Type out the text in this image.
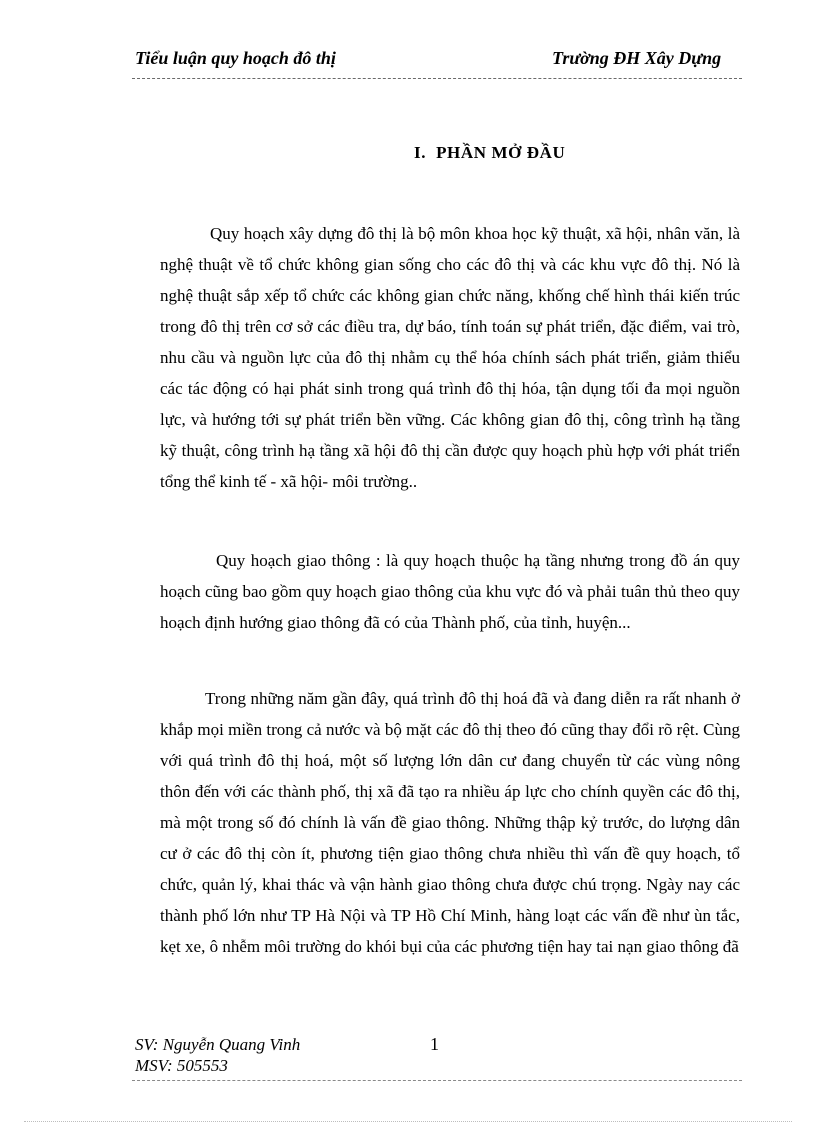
Tiểu luận quy hoạch đô thị	Trường ĐH Xây Dựng
I. PHẦN MỞ ĐẦU

Quy hoạch xây dựng đô thị là bộ môn khoa học kỹ thuật, xã hội, nhân văn, là nghệ thuật về tổ chức không gian sống cho các đô thị và các khu vực đô thị. Nó là nghệ thuật sắp xếp tổ chức các không gian chức năng, khống chế hình thái kiến trúc trong đô thị trên cơ sở các điều tra, dự báo, tính toán sự phát triển, đặc điểm, vai trò, nhu cầu và nguồn lực của đô thị nhằm cụ thể hóa chính sách phát triển, giảm thiểu các tác động có hại phát sinh trong quá trình đô thị hóa, tận dụng tối đa mọi nguồn lực, và hướng tới sự phát triển bền vững. Các không gian đô thị, công trình hạ tầng kỹ thuật, công trình hạ tầng xã hội đô thị cần được quy hoạch phù hợp với phát triển tổng thể kinh tế - xã hội- môi trường..

Quy hoạch giao thông : là quy hoạch thuộc hạ tầng nhưng trong đồ án quy hoạch cũng bao gồm quy hoạch giao thông của khu vực đó và phải tuân thủ theo quy hoạch định hướng giao thông đã có của Thành phố, của tỉnh, huyện...

Trong những năm gần đây, quá trình đô thị hoá đã và đang diễn ra rất nhanh ở khắp mọi miền trong cả nước và bộ mặt các đô thị theo đó cũng thay đổi rõ rệt. Cùng với quá trình đô thị hoá, một số lượng lớn dân cư đang chuyển từ các vùng nông thôn đến với các thành phố, thị xã đã tạo ra nhiều áp lực cho chính quyền các đô thị, mà một trong số đó chính là vấn đề giao thông. Những thập kỷ trước, do lượng dân cư ở các đô thị còn ít, phương tiện giao thông chưa nhiều thì vấn đề quy hoạch, tổ chức, quản lý, khai thác và vận hành giao thông chưa được chú trọng. Ngày nay các thành phố lớn như TP Hà Nội và TP Hồ Chí Minh, hàng loạt các vấn đề như ùn tắc, kẹt xe, ô nhễm môi trường do khói bụi của các phương tiện hay tai nạn giao thông đã

SV: Nguyễn Quang Vinh
MSV: 505553
1
